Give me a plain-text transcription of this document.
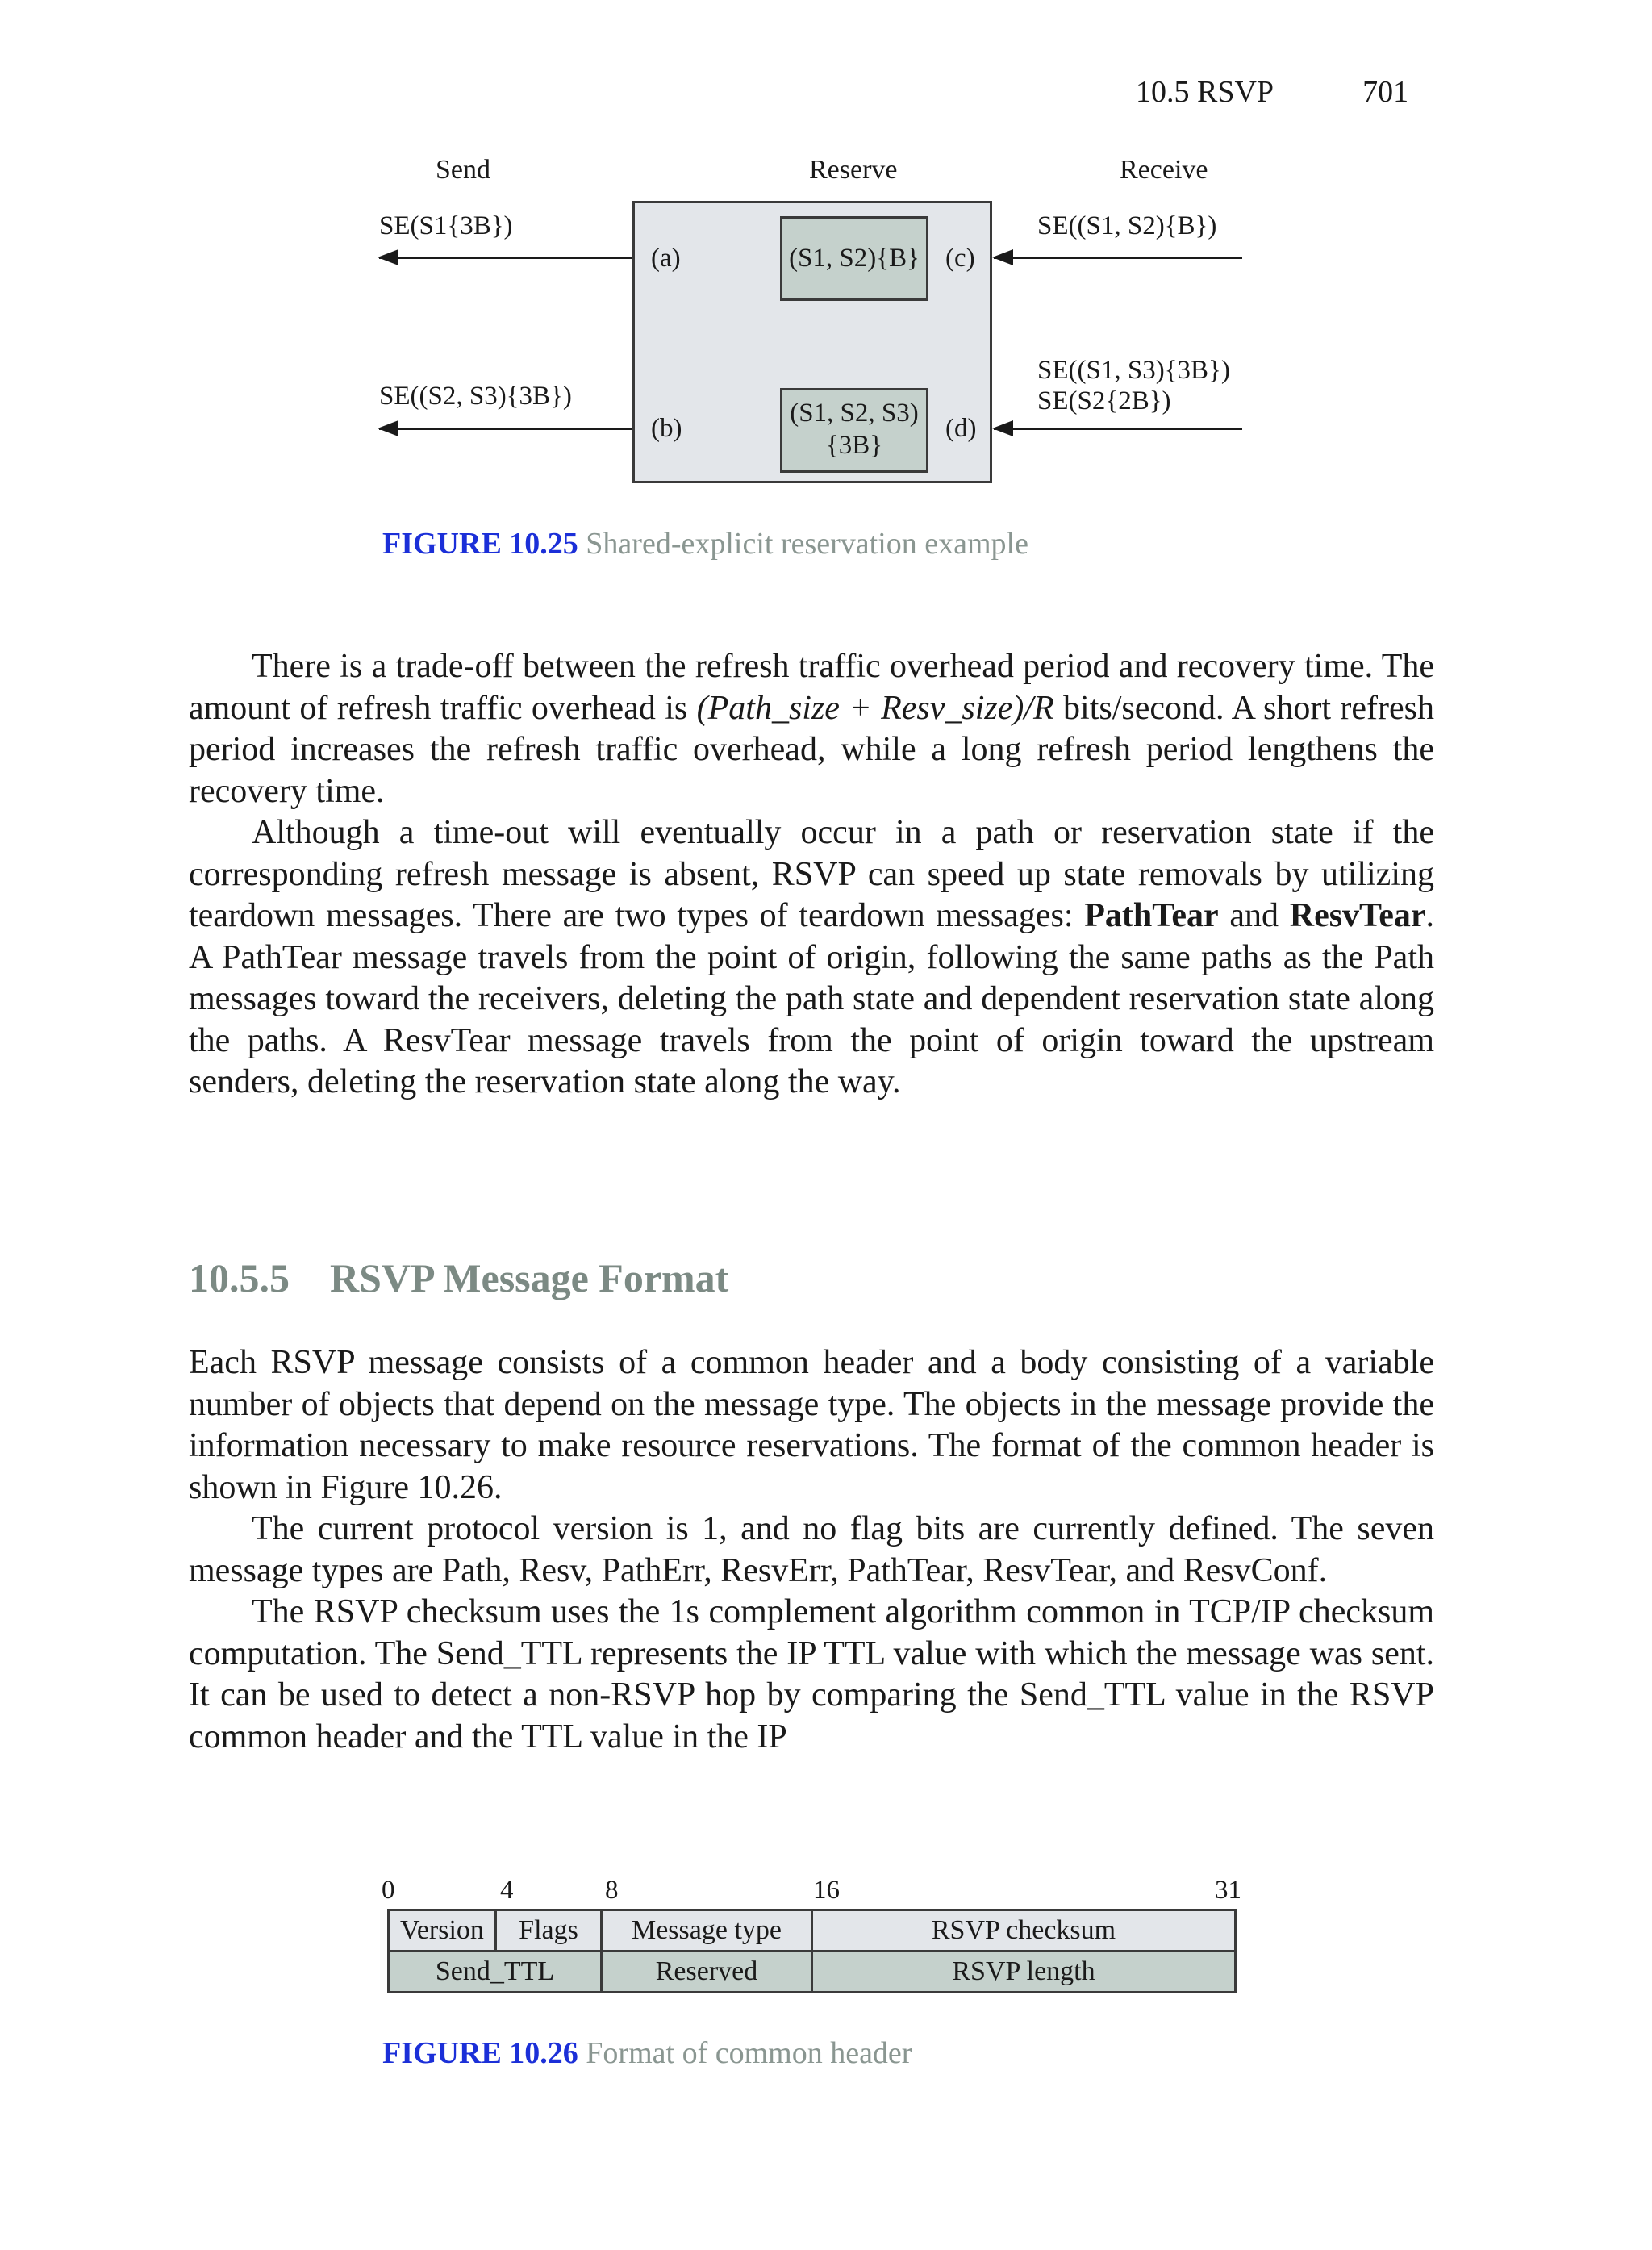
10.5 RSVP	701
Send	Reserve	Receive
SE(S1{3B})
SE((S2, S3){3B})
(a)
(b)
(c)
(d)
(S1, S2){B}
(S1, S2, S3)
{3B}
SE((S1, S2){B})
SE((S1, S3){3B})
SE(S2{2B})
FIGURE 10.25 Shared-explicit reservation example

There is a trade-off between the refresh traffic overhead period and recovery time. The amount of refresh traffic overhead is (Path_size + Resv_size)/R bits/second. A short refresh period increases the refresh traffic overhead, while a long refresh period lengthens the recovery time.

Although a time-out will eventually occur in a path or reservation state if the corresponding refresh message is absent, RSVP can speed up state removals by utilizing teardown messages. There are two types of teardown messages: PathTear and ResvTear. A PathTear message travels from the point of origin, following the same paths as the Path messages toward the receivers, deleting the path state and dependent reservation state along the paths. A ResvTear message travels from the point of origin toward the upstream senders, deleting the reservation state along the way.

10.5.5 RSVP Message Format

Each RSVP message consists of a common header and a body consisting of a variable number of objects that depend on the message type. The objects in the message provide the information necessary to make resource reservations. The format of the common header is shown in Figure 10.26.

The current protocol version is 1, and no flag bits are currently defined. The seven message types are Path, Resv, PathErr, ResvErr, PathTear, ResvTear, and ResvConf.

The RSVP checksum uses the 1s complement algorithm common in TCP/IP checksum computation. The Send_TTL represents the IP TTL value with which the message was sent. It can be used to detect a non-RSVP hop by comparing the Send_TTL value in the RSVP common header and the TTL value in the IP

0	4	8	16	31
Version	Flags	Message type	RSVP checksum
Send_TTL		Reserved	RSVP length
FIGURE 10.26 Format of common header
